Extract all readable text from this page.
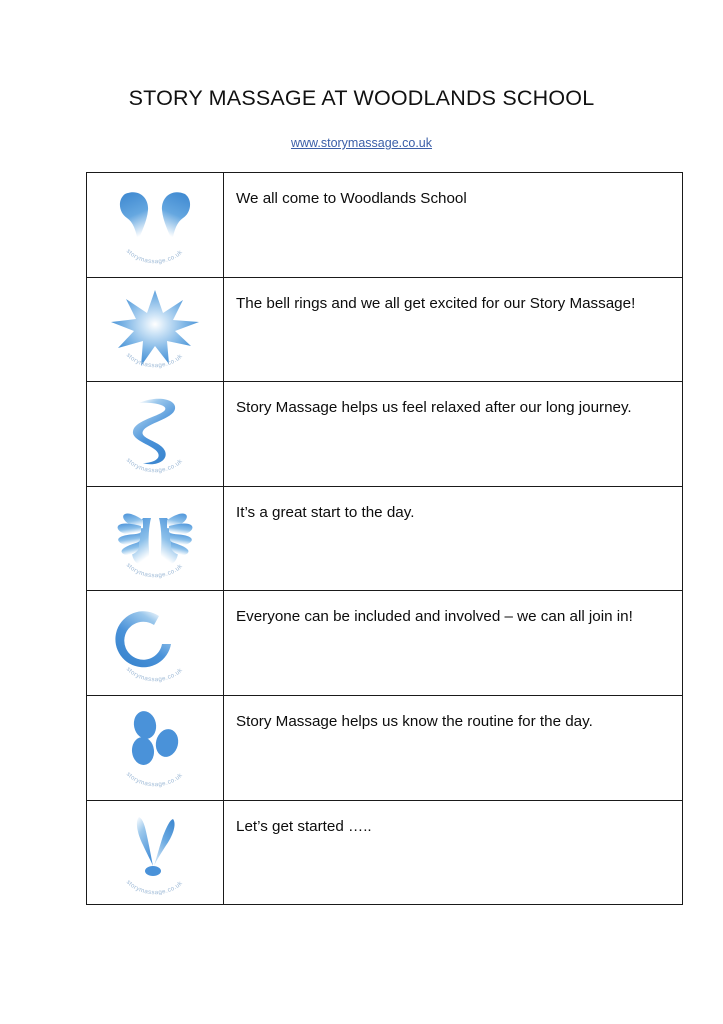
STORY MASSAGE AT WOODLANDS SCHOOL
www.storymassage.co.uk
storymassage.co.uk	We all come to Woodlands School

storymassage.co.uk	The bell rings and we all get excited for our Story Massage!

storymassage.co.uk	Story Massage helps us feel relaxed after our long journey.

storymassage.co.uk	It’s a great start to the day.

storymassage.co.uk	Everyone can be included and involved – we can all join in!

storymassage.co.uk	Story Massage helps us know the routine for the day.

storymassage.co.uk	Let’s get started …..
